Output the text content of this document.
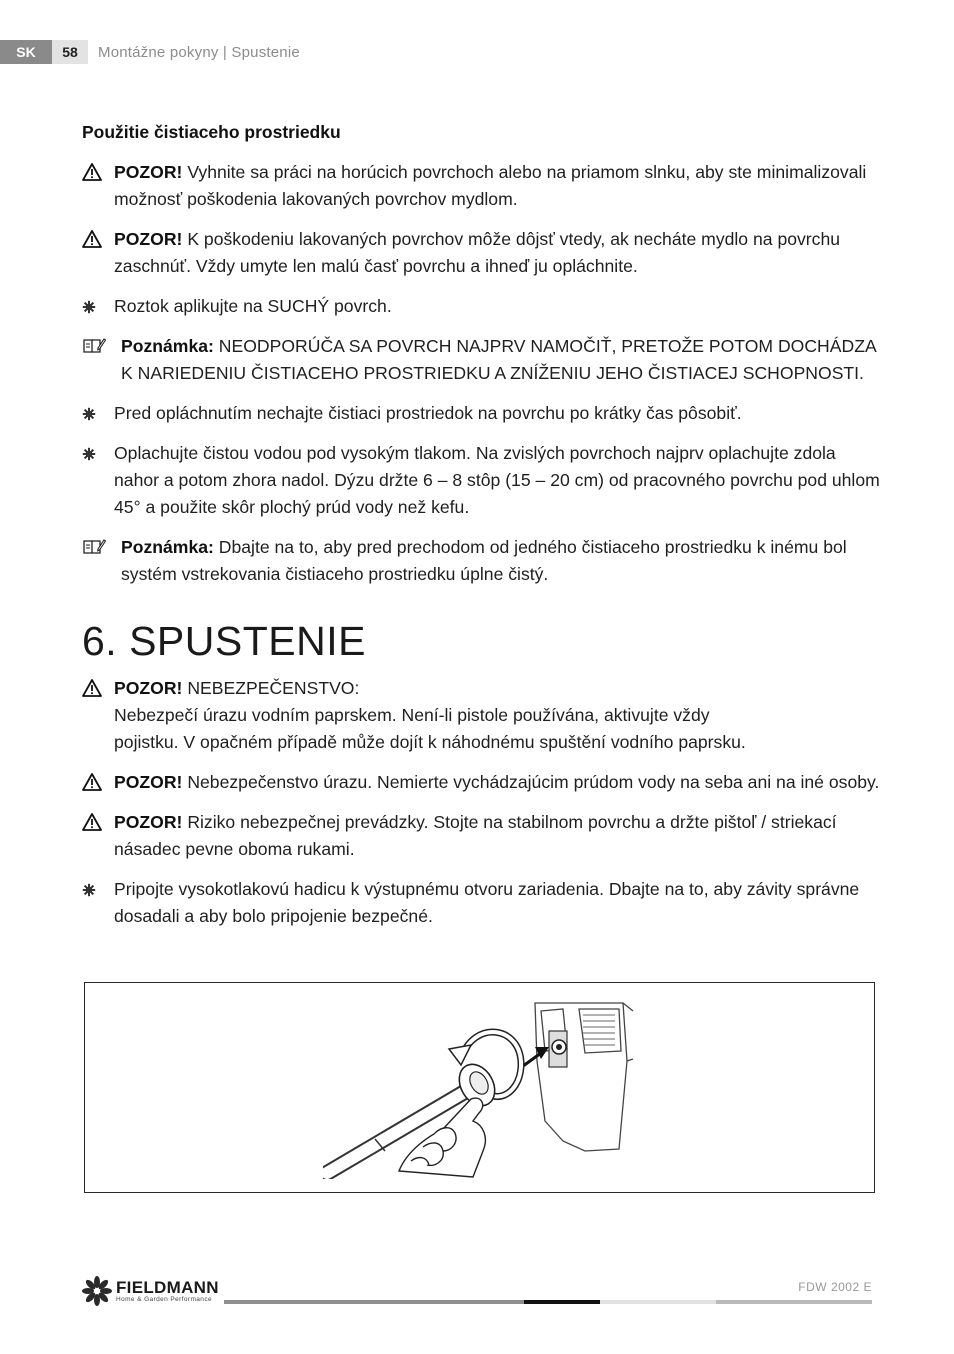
SK	58	Montážne pokyny | Spustenie
Použitie čistiaceho prostriedku
POZOR! Vyhnite sa práci na horúcich povrchoch alebo na priamom slnku, aby ste minimalizovali možnosť poškodenia lakovaných povrchov mydlom.
POZOR! K poškodeniu lakovaných povrchov môže dôjsť vtedy, ak necháte mydlo na povrchu zaschnúť. Vždy umyte len malú časť povrchu a ihneď ju opláchnite.
Roztok aplikujte na SUCHÝ povrch.
Poznámka: NEODPORÚČA SA POVRCH NAJPRV NAMOČIŤ, PRETOŽE POTOM DOCHÁDZA K NARIEDENIU ČISTIACEHO PROSTRIEDKU A ZNÍŽENIU JEHO ČISTIACEJ SCHOPNOSTI.
Pred opláchnutím nechajte čistiaci prostriedok na povrchu po krátky čas pôsobiť.
Oplachujte čistou vodou pod vysokým tlakom. Na zvislých povrchoch najprv oplachujte zdola nahor a potom zhora nadol. Dýzu držte 6 – 8 stôp (15 – 20 cm) od pracovného povrchu pod uhlom 45° a použite skôr plochý prúd vody než kefu.
Poznámka: Dbajte na to, aby pred prechodom od jedného čistiaceho prostriedku k inému bol systém vstrekovania čistiaceho prostriedku úplne čistý.
6. SPUSTENIE
POZOR! NEBEZPEČENSTVO:
Nebezpečí úrazu vodním paprskem. Není-li pistole používána, aktivujte vždy
pojistku. V opačném případě může dojít k náhodnému spuštění vodního paprsku.
POZOR! Nebezpečenstvo úrazu. Nemierte vychádzajúcim prúdom vody na seba ani na iné osoby.
POZOR! Riziko nebezpečnej prevádzky. Stojte na stabilnom povrchu a držte pištoľ / striekací násadec pevne oboma rukami.
Pripojte vysokotlakovú hadicu k výstupnému otvoru zariadenia. Dbajte na to, aby závity správne dosadali a aby bolo pripojenie bezpečné.
FIELDMANN
Home & Garden Performance
FDW 2002 E
